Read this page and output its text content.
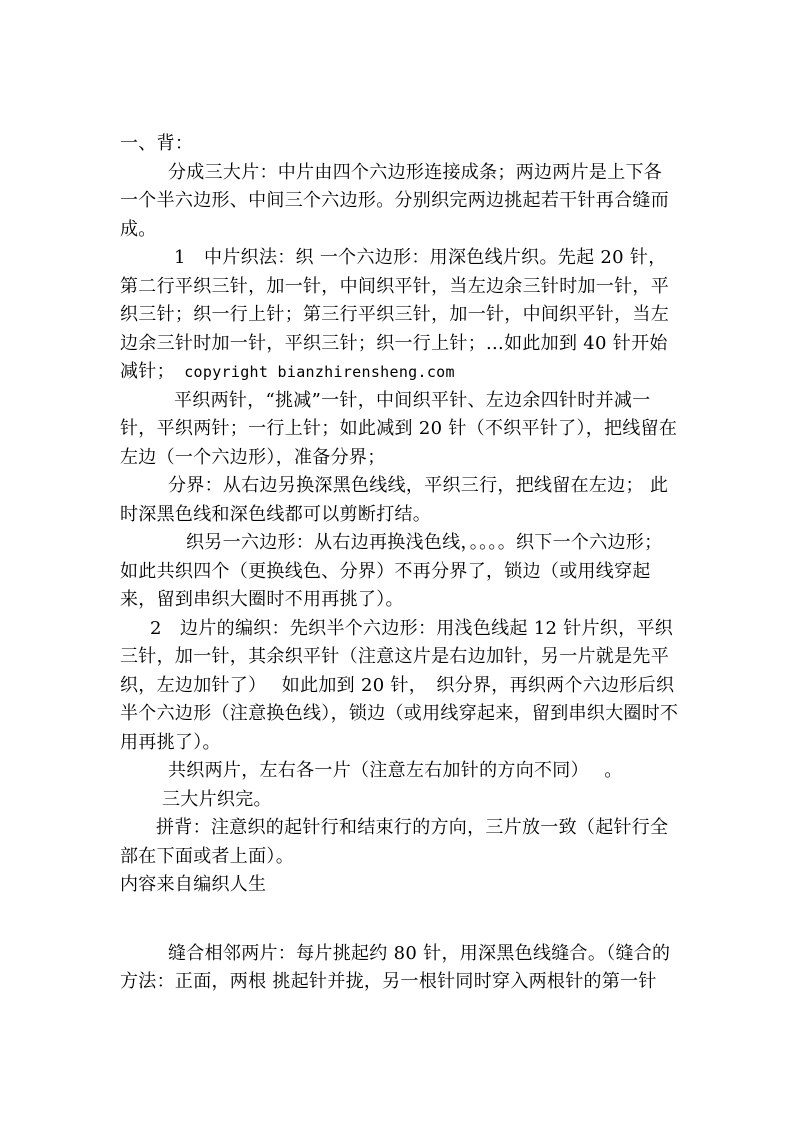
一、背：

分成三大片：中片由四个六边形连接成条；两边两片是上下各一个半六边形、中间三个六边形。分别织完两边挑起若干针再合缝而成。

1　中片织法：织 一个六边形：用深色线片织。先起 20 针，第二行平织三针，加一针，中间织平针，当左边余三针时加一针，平织三针；织一行上针；第三行平织三针，加一针，中间织平针，当左边余三针时加一针，平织三针；织一行上针；...如此加到 40 针开始减针；　 copyright bianzhirensheng.com

平织两针，“挑减”一针，中间织平针、左边余四针时并减一针，平织两针；一行上针；如此减到 20 针（不织平针了），把线留在左边（一个六边形），准备分界；

分界：从右边另换深黑色线线，平织三行，把线留在左边； 此时深黑色线和深色线都可以剪断打结。

织另一六边形：从右边再换浅色线，。。。。织下一个六边形；如此共织四个（更换线色、分界）不再分界了，锁边（或用线穿起来，留到串织大圈时不用再挑了）。

2　边片的编织：先织半个六边形：用浅色线起 12 针片织，平织三针，加一针，其余织平针（注意这片是右边加针，另一片就是先平织，左边加针了）　 如此加到 20 针，　织分界，再织两个六边形后织半个六边形（注意换色线），锁边（或用线穿起来，留到串织大圈时不用再挑了）。

共织两片，左右各一片（注意左右加针的方向不同）　 。

三大片织完。

拼背：注意织的起针行和结束行的方向，三片放一致（起针行全部在下面或者上面）。

内容来自编织人生

缝合相邻两片：每片挑起约 80 针，用深黑色线缝合。（缝合的方法：正面，两根 挑起针并拢，另一根针同时穿入两根针的第一针
